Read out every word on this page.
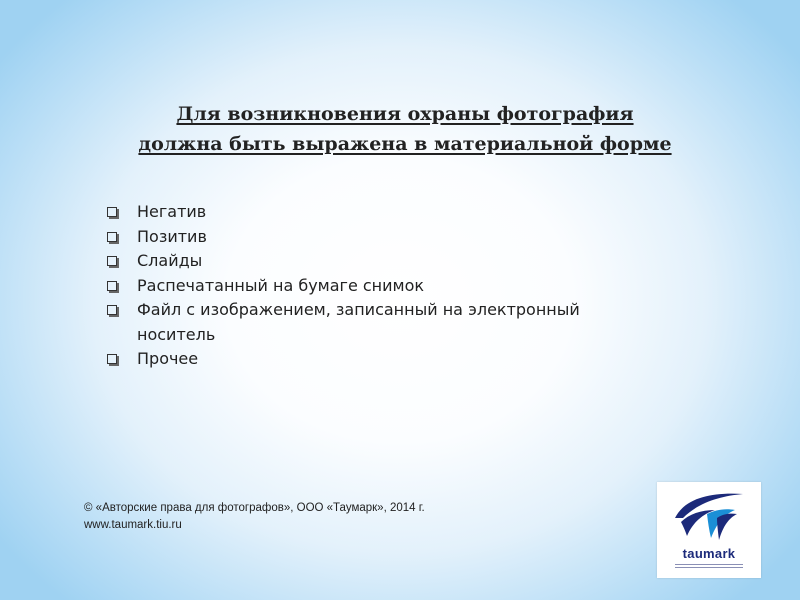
Для возникновения охраны фотография
должна быть выражена в материальной форме
Негатив
Позитив
Слайды
Распечатанный на бумаге снимок
Файл с изображением, записанный на электронный носитель
Прочее
© «Авторские права для фотографов», ООО «Таумарк», 2014 г.
www.taumark.tiu.ru
taumark
